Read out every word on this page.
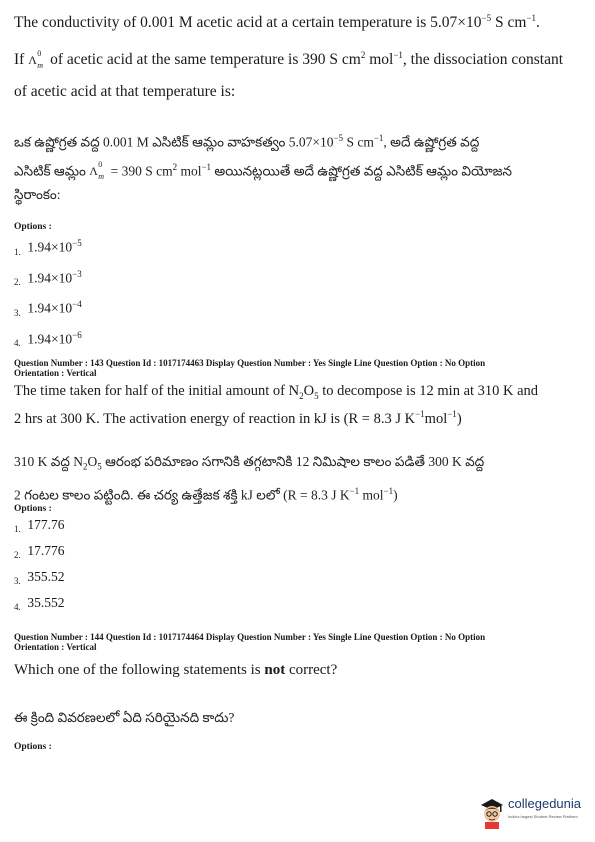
The conductivity of 0.001 M acetic acid at a certain temperature is $5.07\times 10^{-5}$ S $cm^{-1}$.
If Λ 0
m of acetic acid at the same temperature is 390 S $cm^2$ mol$^{-1}$, the dissociation constant
of acetic acid at that temperature is:
ఒక ఉష్ణోగ్రత వద్ద 0.001 M ఎసిటిక్ ఆమ్లం వాహకత్వం $5.07\times 10^{-5}$ S $cm^{-1}$, అదే ఉష్ణోగ్రత వద్ద
ఎసిటిక్ ఆమ్లం Λ 0
m = 390 S $cm^2$ mol$^{-1}$ అయినట్లయితే అదే ఉష్ణోగ్రత వద్ద ఎసిటిక్ ఆమ్లం వియోజన
స్థిరాంకం:
Options :
1. $1.94\times 10^{-5}$
2. $1.94\times 10^{-3}$
3. $1.94\times 10^{-4}$
4. $1.94\times 10^{-6}$
Question Number : 143 Question Id : 1017174463 Display Question Number : Yes Single Line Question Option : No Option
Orientation : Vertical
The time taken for half of the initial amount of $N_2O_5$ to decompose is 12 min at 310 K and
2 hrs at 300 K. The activation energy of reaction in kJ is (R = 8.3 J $K^{-1}mol^{-1}$)
310 K వద్ద $N_2O_5$ ఆరంభ పరిమాణం సగానికి తగ్గటానికి 12 నిమిషాల కాలం పడితే 300 K వద్ద
2 గంటల కాలం పట్టింది. ఈ చర్య ఉత్తేజక శక్తి kJ లలో (R = 8.3 J $K^{-1}$ mol$^{-1}$)
Options :
1. 177.76
2. 17.776
3. 355.52
4. 35.552
Question Number : 144 Question Id : 1017174464 Display Question Number : Yes Single Line Question Option : No Option
Orientation : Vertical
Which one of the following statements is not correct?
ఈ క్రింది వివరణలలో ఏది సరియైనది కాదు?
Options :
collegedunia
India's largest Student Review Platform
